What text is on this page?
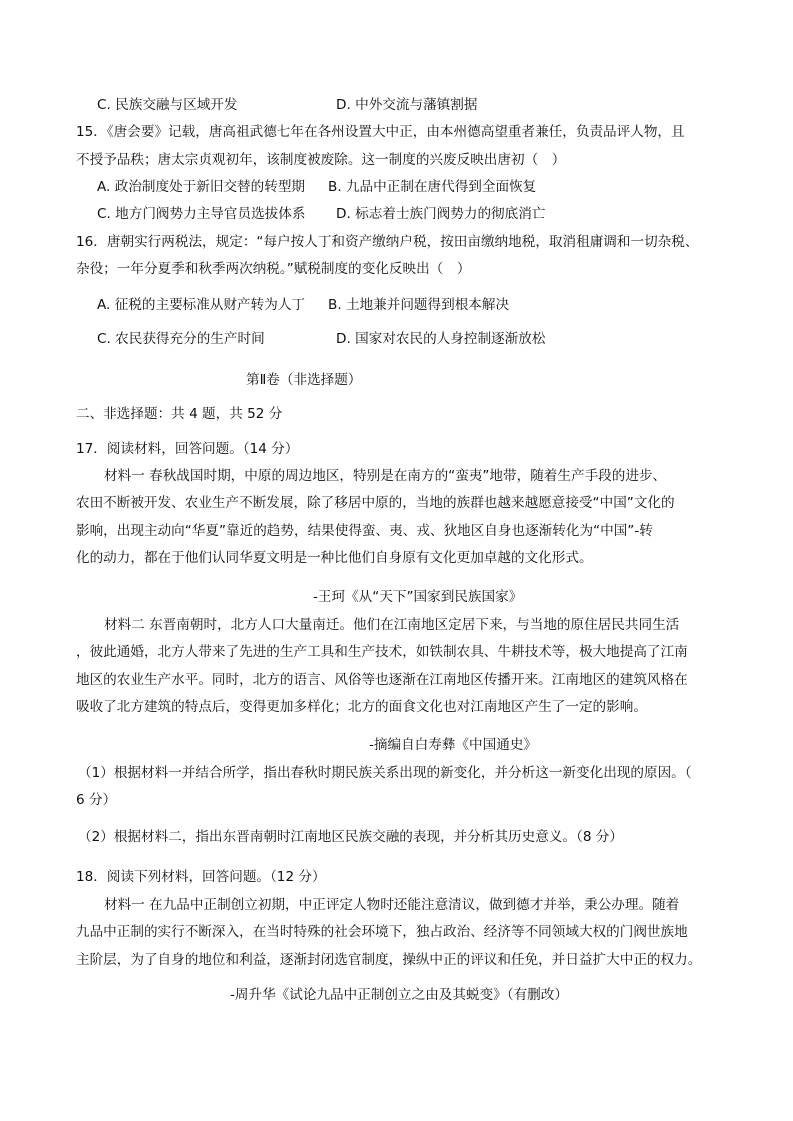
C. 民族交融与区域开发	D. 中外交流与藩镇割据
15．《唐会要》记载，唐高祖武德七年在各州设置大中正，由本州德高望重者兼任，负责品评人物，且
不授予品秩；唐太宗贞观初年，该制度被废除。这一制度的兴废反映出唐初（　）
A. 政治制度处于新旧交替的转型期 B. 九品中正制在唐代得到全面恢复
C. 地方门阀势力主导官员选拔体系 D. 标志着士族门阀势力的彻底消亡
16．唐朝实行两税法，规定：“每户按人丁和资产缴纳户税，按田亩缴纳地税，取消租庸调和一切杂税、
杂役；一年分夏季和秋季两次纳税。”赋税制度的变化反映出（　）
A. 征税的主要标准从财产转为人丁 B. 土地兼并问题得到根本解决
C. 农民获得充分的生产时间	D. 国家对农民的人身控制逐渐放松
第Ⅱ卷（非选择题）
二、非选择题：共 4 题，共 52 分
17．阅读材料，回答问题。（14 分）
材料一 春秋战国时期，中原的周边地区，特别是在南方的“蛮夷”地带，随着生产手段的进步、
农田不断被开发、农业生产不断发展，除了移居中原的，当地的族群也越来越愿意接受“中国”文化的
影响，出现主动向“华夏”靠近的趋势，结果使得蛮、夷、戎、狄地区自身也逐渐转化为“中国”-转
化的动力，都在于他们认同华夏文明是一种比他们自身原有文化更加卓越的文化形式。
-王珂《从“天下”国家到民族国家》
材料二 东晋南朝时，北方人口大量南迁。他们在江南地区定居下来，与当地的原住居民共同生活
，彼此通婚，北方人带来了先进的生产工具和生产技术，如铁制农具、牛耕技术等，极大地提高了江南
地区的农业生产水平。同时，北方的语言、风俗等也逐渐在江南地区传播开来。江南地区的建筑风格在
吸收了北方建筑的特点后，变得更加多样化；北方的面食文化也对江南地区产生了一定的影响。
-摘编自白寿彝《中国通史》
（1）根据材料一并结合所学，指出春秋时期民族关系出现的新变化，并分析这一新变化出现的原因。（
6 分）
（2）根据材料二，指出东晋南朝时江南地区民族交融的表现，并分析其历史意义。（8 分）
18．阅读下列材料，回答问题。（12 分）
材料一 在九品中正制创立初期，中正评定人物时还能注意清议，做到德才并举，秉公办理。随着
九品中正制的实行不断深入，在当时特殊的社会环境下，独占政治、经济等不同领域大权的门阀世族地
主阶层，为了自身的地位和利益，逐渐封闭选官制度，操纵中正的评议和任免，并日益扩大中正的权力。
-周升华《试论九品中正制创立之由及其蜕变》（有删改）
